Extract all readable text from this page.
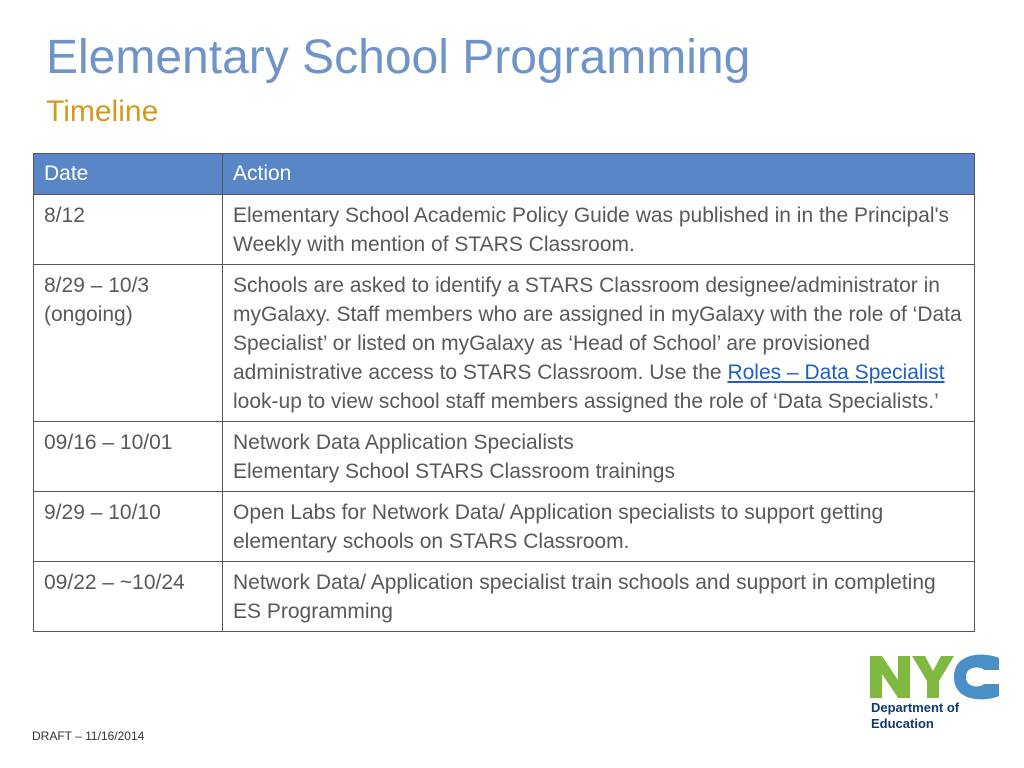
Elementary School Programming
Timeline
Date	Action
8/12	Elementary School Academic Policy Guide was published in in the Principal's Weekly with mention of STARS Classroom.
8/29 – 10/3 (ongoing)	Schools are asked to identify a STARS Classroom designee/administrator in myGalaxy. Staff members who are assigned in myGalaxy with the role of ‘Data Specialist’ or listed on myGalaxy as ‘Head of School’ are provisioned administrative access to STARS Classroom. Use the Roles – Data Specialist look-up to view school staff members assigned the role of ‘Data Specialists.’
09/16 – 10/01	Network Data Application Specialists
Elementary School STARS Classroom trainings
9/29 – 10/10	Open Labs for Network Data/ Application specialists to support getting elementary schools on STARS Classroom.
09/22 – ~10/24	Network Data/ Application specialist train schools and support in completing ES Programming
Department of
Education
DRAFT – 11/16/2014
